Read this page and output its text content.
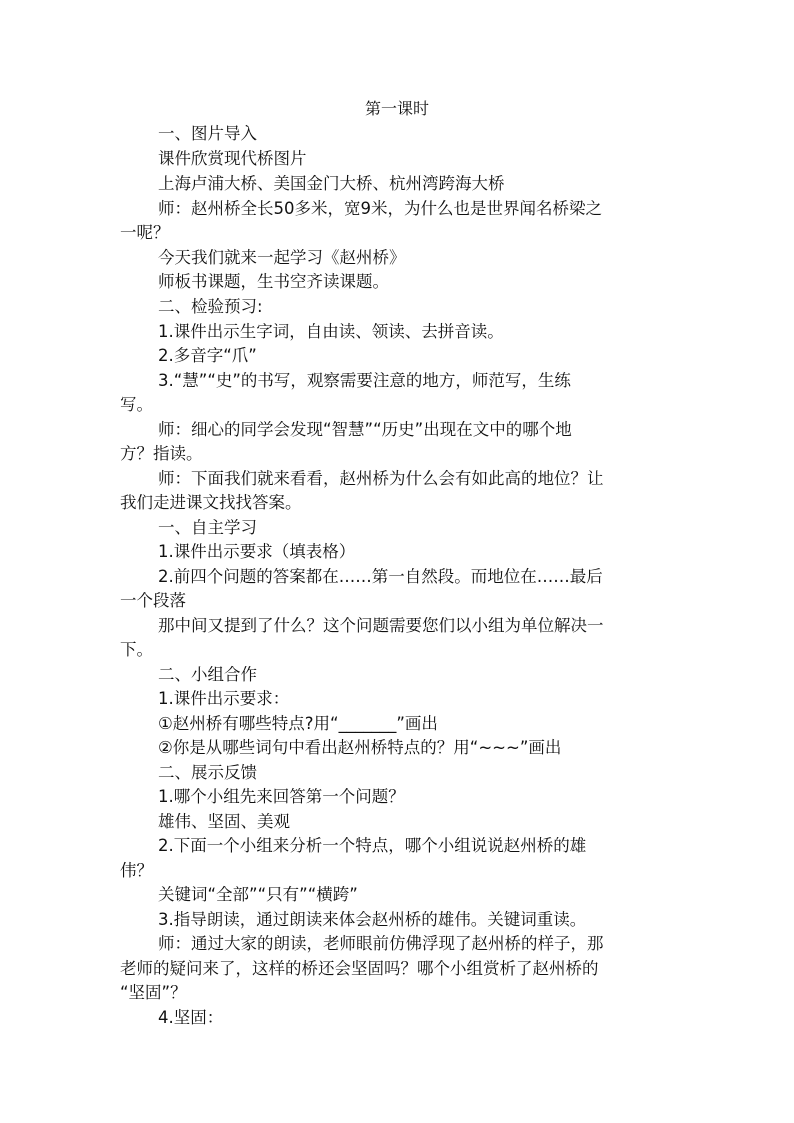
第一课时
一、图片导入
课件欣赏现代桥图片
上海卢浦大桥、美国金门大桥、杭州湾跨海大桥
师：赵州桥全长50多米，宽9米，为什么也是世界闻名桥梁之
一呢？
今天我们就来一起学习《赵州桥》
师板书课题，生书空齐读课题。
二、检验预习:
1.课件出示生字词，自由读、领读、去拼音读。
2.多音字“爪”
3.“慧”“史”的书写，观察需要注意的地方，师范写，生练
写。
师：细心的同学会发现“智慧”“历史”出现在文中的哪个地
方？指读。
师：下面我们就来看看，赵州桥为什么会有如此高的地位？让
我们走进课文找找答案。
一、自主学习
1.课件出示要求（填表格）
2.前四个问题的答案都在……第一自然段。而地位在……最后
一个段落
那中间又提到了什么？这个问题需要您们以小组为单位解决一
下。
二、小组合作
1.课件出示要求：
①赵州桥有哪些特点?用“_______”画出
②你是从哪些词句中看出赵州桥特点的？用“~~~”画出
二、展示反馈
1.哪个小组先来回答第一个问题？
雄伟、坚固、美观
2.下面一个小组来分析一个特点，哪个小组说说赵州桥的雄
伟？
关键词“全部”“只有”“横跨”
3.指导朗读，通过朗读来体会赵州桥的雄伟。关键词重读。
师：通过大家的朗读，老师眼前仿佛浮现了赵州桥的样子，那
老师的疑问来了，这样的桥还会坚固吗？哪个小组赏析了赵州桥的
“坚固”？
4.坚固：
